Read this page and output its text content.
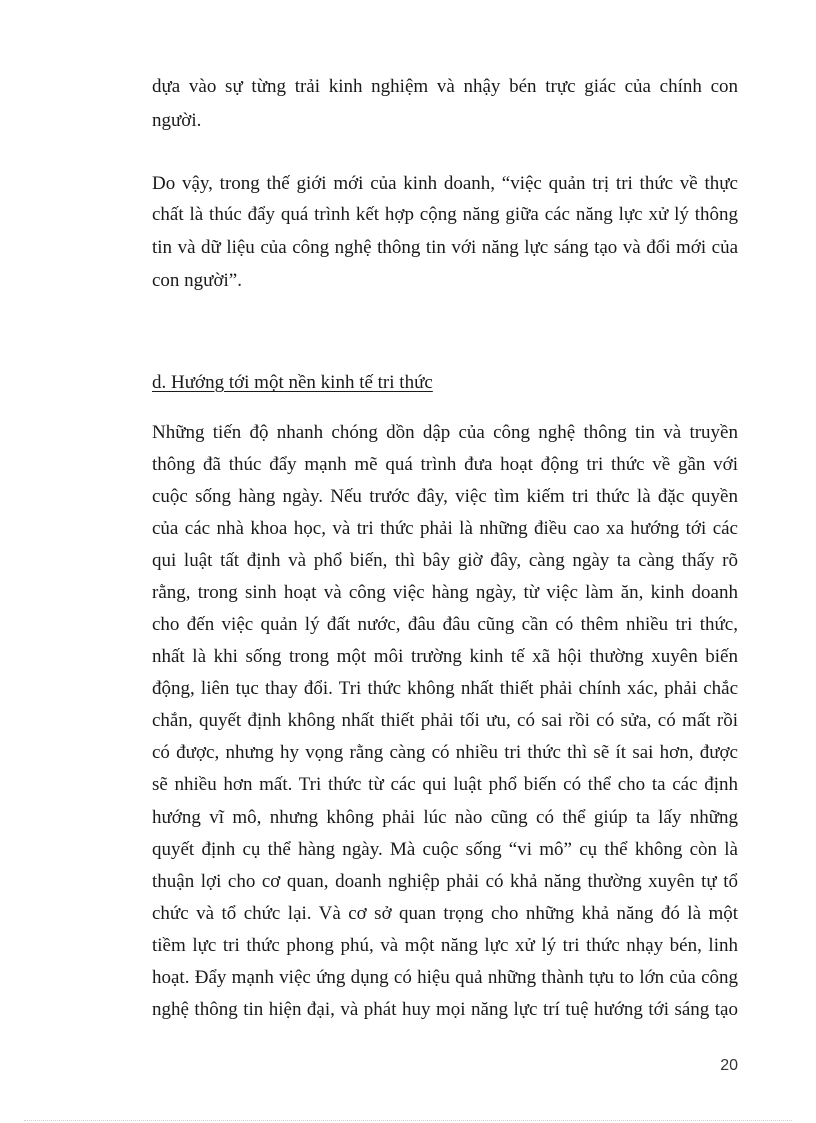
dựa vào sự từng trải kinh nghiệm và nhậy bén trực giác của chính con
người.
Do vậy, trong thế giới mới của kinh doanh, “việc quản trị tri thức về thực
chất là thúc đẩy quá trình kết hợp cộng năng giữa các năng lực xử lý thông
tin và dữ liệu của công nghệ thông tin với năng lực sáng tạo và đổi mới của
con người”.
d. Hướng tới một nền kinh tế tri thức
Những tiến độ nhanh chóng dồn dập của công nghệ thông tin và truyền
thông đã thúc đẩy mạnh mẽ quá trình đưa hoạt động tri thức về gần với
cuộc sống hàng ngày. Nếu trước đây, việc tìm kiếm tri thức là đặc quyền
của các nhà khoa học, và tri thức phải là những điều cao xa hướng tới các
qui luật tất định và phổ biến, thì bây giờ đây, càng ngày ta càng thấy rõ
rằng, trong sinh hoạt và công việc hàng ngày, từ việc làm ăn, kinh doanh
cho đến việc quản lý đất nước, đâu đâu cũng cần có thêm nhiều tri thức,
nhất là khi sống trong một môi trường kinh tế xã hội thường xuyên biến
động, liên tục thay đổi. Tri thức không nhất thiết phải chính xác, phải chắc
chắn, quyết định không nhất thiết phải tối ưu, có sai rồi có sửa, có mất rồi
có được, nhưng hy vọng rằng càng có nhiều tri thức thì sẽ ít sai hơn, được
sẽ nhiều hơn mất. Tri thức từ các qui luật phổ biến có thể cho ta các định
hướng vĩ mô, nhưng không phải lúc nào cũng có thể giúp ta lấy những
quyết định cụ thể hàng ngày. Mà cuộc sống “vi mô” cụ thể không còn là
thuận lợi cho cơ quan, doanh nghiệp phải có khả năng thường xuyên tự tổ
chức và tổ chức lại. Và cơ sở quan trọng cho những khả năng đó là một
tiềm lực tri thức phong phú, và một năng lực xử lý tri thức nhạy bén, linh
hoạt. Đẩy mạnh việc ứng dụng có hiệu quả những thành tựu to lớn của công
nghệ thông tin hiện đại, và phát huy mọi năng lực trí tuệ hướng tới sáng tạo
20
